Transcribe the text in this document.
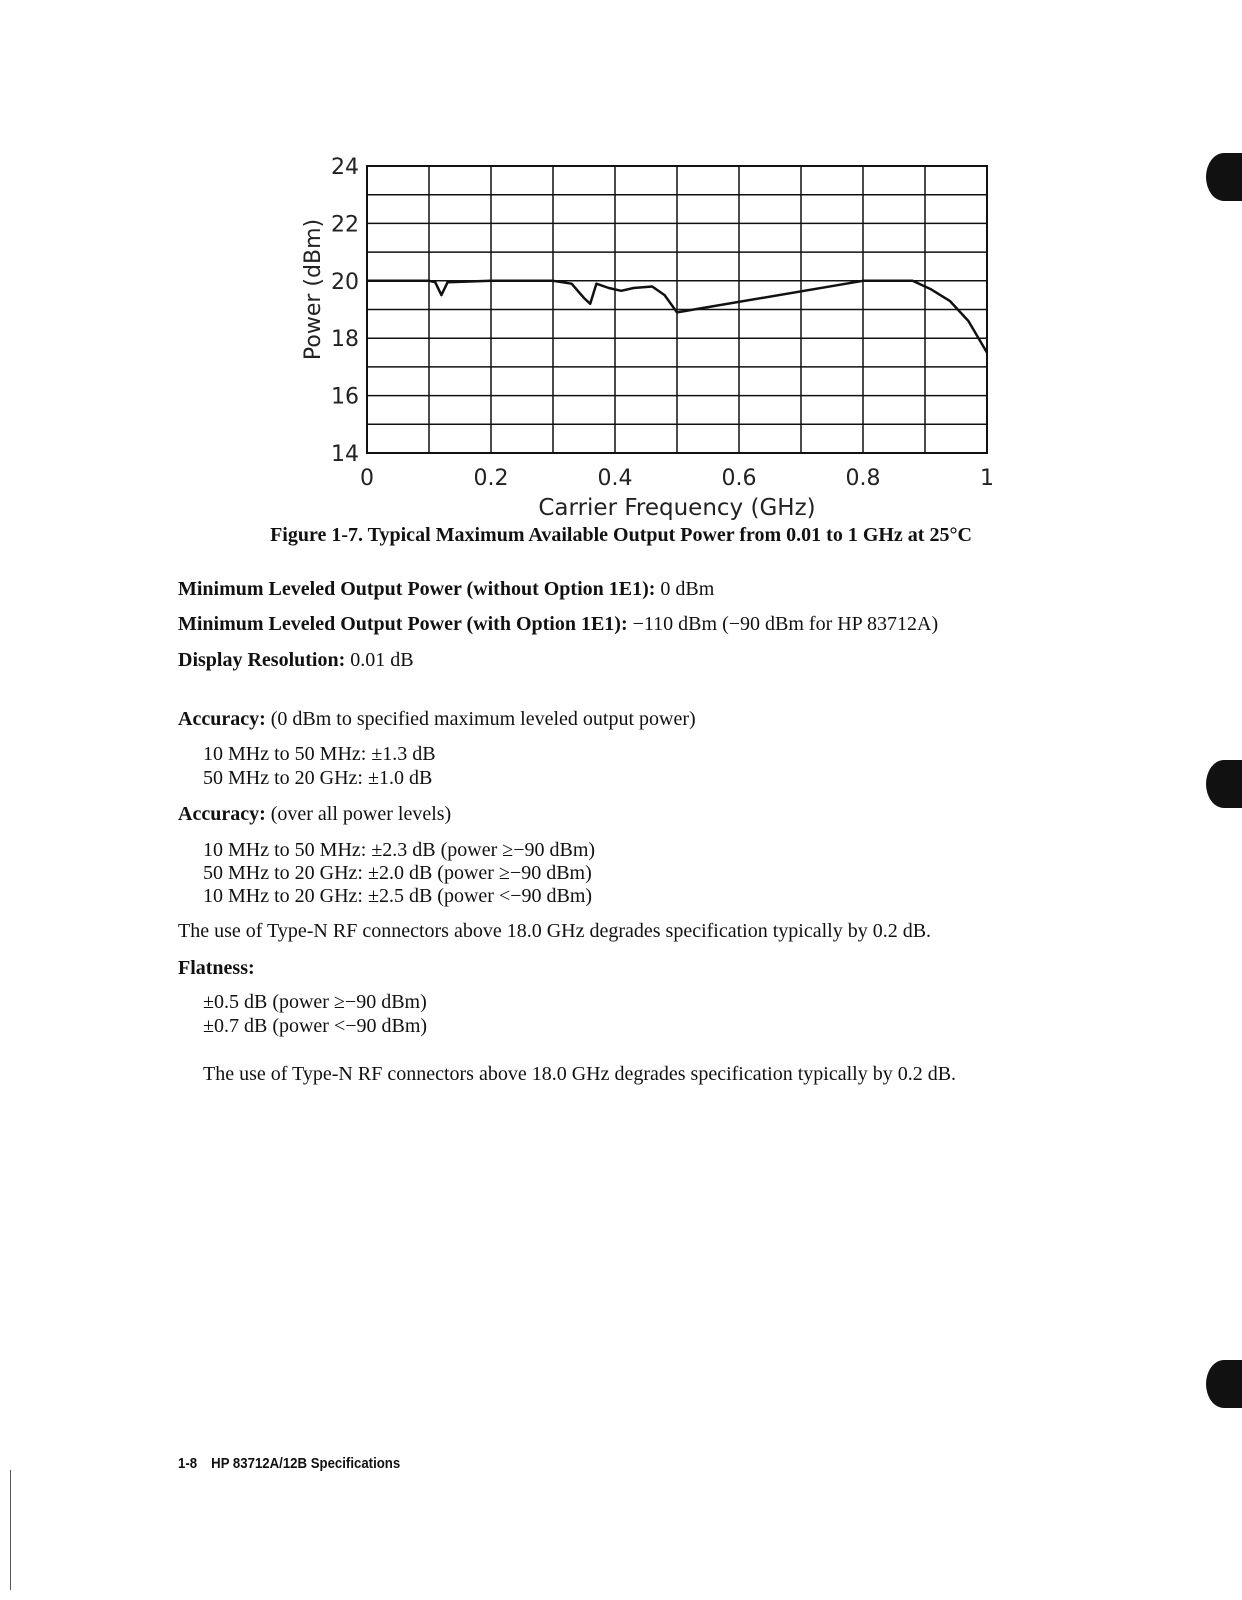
14
16
18
20
22
24
0	0.2	0.4	0.6	0.8	1
Carrier Frequency (GHz)
Power (dBm)
Figure 1-7. Typical Maximum Available Output Power from 0.01 to 1 GHz at 25°C
Minimum Leveled Output Power (without Option 1E1): 0 dBm
Minimum Leveled Output Power (with Option 1E1): −110 dBm (−90 dBm for HP 83712A)
Display Resolution: 0.01 dB
Accuracy: (0 dBm to specified maximum leveled output power)
10 MHz to 50 MHz: ±1.3 dB
50 MHz to 20 GHz: ±1.0 dB
Accuracy: (over all power levels)
10 MHz to 50 MHz: ±2.3 dB (power ≥−90 dBm)
50 MHz to 20 GHz: ±2.0 dB (power ≥−90 dBm)
10 MHz to 20 GHz: ±2.5 dB (power <−90 dBm)
The use of Type-N RF connectors above 18.0 GHz degrades specification typically by 0.2 dB.
Flatness:
±0.5 dB (power ≥−90 dBm)
±0.7 dB (power <−90 dBm)
The use of Type-N RF connectors above 18.0 GHz degrades specification typically by 0.2 dB.
1-8 HP 83712A/12B Specifications
